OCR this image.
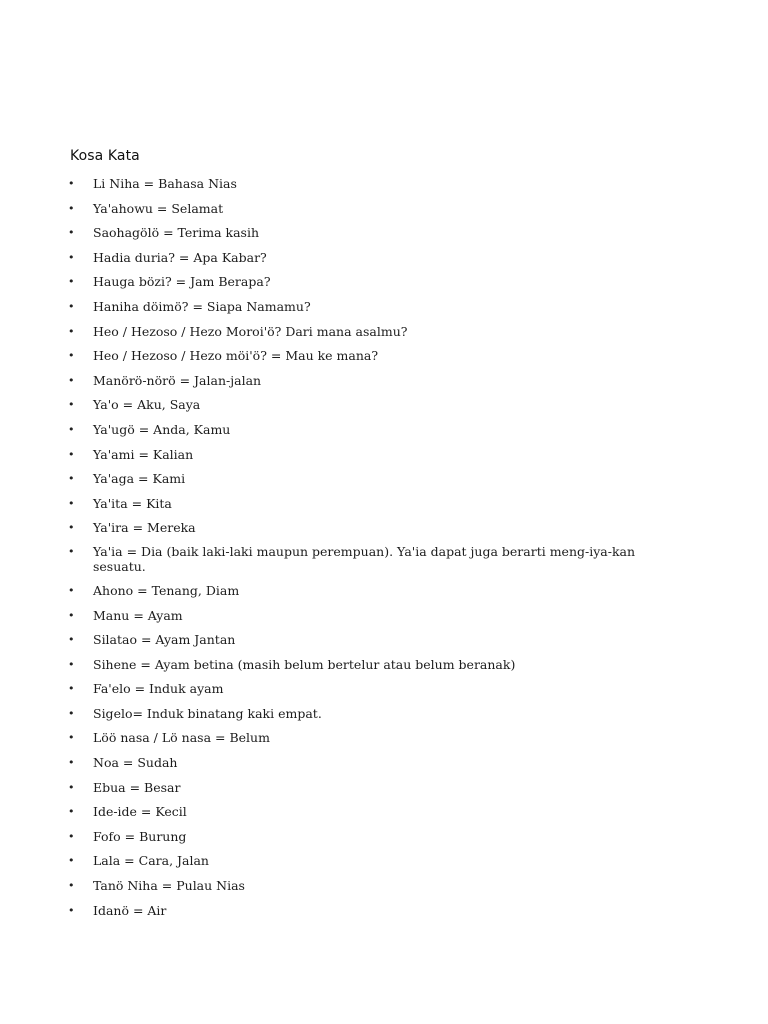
Kosa Kata
• Li Niha = Bahasa Nias
• Ya'ahowu = Selamat
• Saohagölö = Terima kasih
• Hadia duria? = Apa Kabar?
• Hauga bözi? = Jam Berapa?
• Haniha döimö? = Siapa Namamu?
• Heo / Hezoso / Hezo Moroi'ö? Dari mana asalmu?
• Heo / Hezoso / Hezo möi'ö? = Mau ke mana?
• Manörö-nörö = Jalan-jalan
• Ya'o = Aku, Saya
• Ya'ugö = Anda, Kamu
• Ya'ami = Kalian
• Ya'aga = Kami
• Ya'ita = Kita
• Ya'ira = Mereka
• Ya'ia = Dia (baik laki-laki maupun perempuan). Ya'ia dapat juga berarti meng-iya-kan sesuatu.
• Ahono = Tenang, Diam
• Manu = Ayam
• Silatao = Ayam Jantan
• Sihene = Ayam betina (masih belum bertelur atau belum beranak)
• Fa'elo = Induk ayam
• Sigelo= Induk binatang kaki empat.
• Löö nasa / Lö nasa = Belum
• Noa = Sudah
• Ebua = Besar
• Ide-ide = Kecil
• Fofo = Burung
• Lala = Cara, Jalan
• Tanö Niha = Pulau Nias
• Idanö = Air
